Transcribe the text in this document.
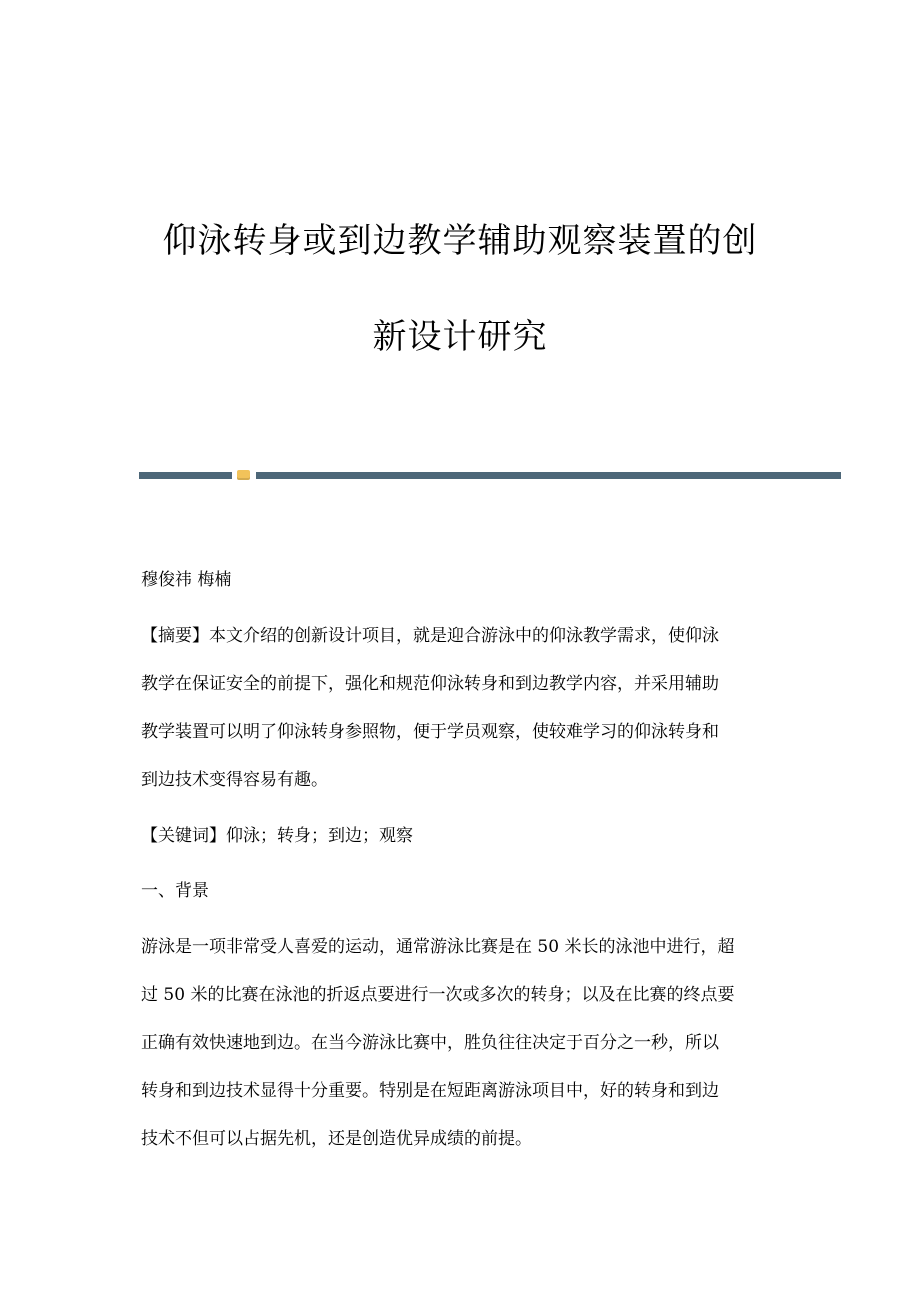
仰泳转身或到边教学辅助观察装置的创
新设计研究
穆俊祎 梅楠
【摘要】本文介绍的创新设计项目，就是迎合游泳中的仰泳教学需求，使仰泳
教学在保证安全的前提下，强化和规范仰泳转身和到边教学内容，并采用辅助
教学装置可以明了仰泳转身参照物，便于学员观察，使较难学习的仰泳转身和
到边技术变得容易有趣。
【关键词】仰泳；转身；到边；观察
一、背景
游泳是一项非常受人喜爱的运动，通常游泳比赛是在 50 米长的泳池中进行，超
过 50 米的比赛在泳池的折返点要进行一次或多次的转身；以及在比赛的终点要
正确有效快速地到边。在当今游泳比赛中，胜负往往决定于百分之一秒，所以
转身和到边技术显得十分重要。特别是在短距离游泳项目中，好的转身和到边
技术不但可以占据先机，还是创造优异成绩的前提。
